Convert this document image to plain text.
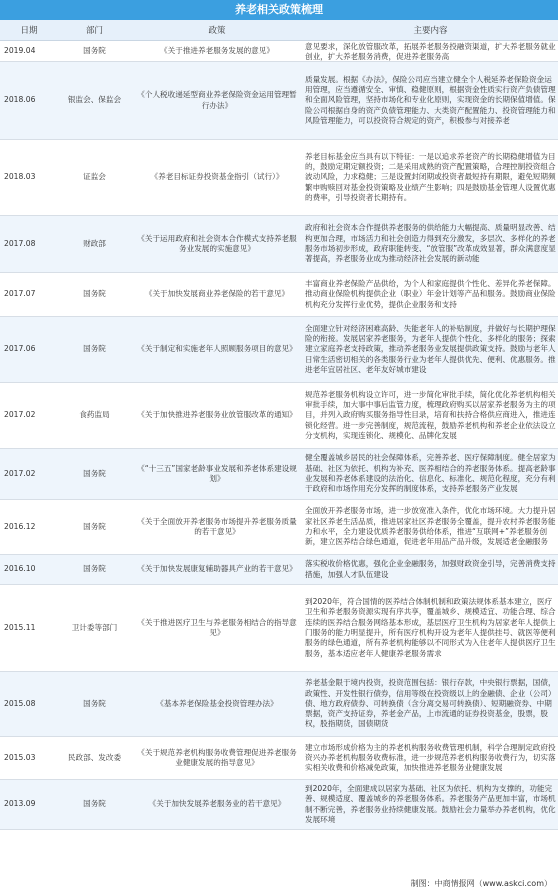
养老相关政策梳理
日期	部门	政策	主要内容

2019.04	国务院	《关于推进养老服务发展的意见》	意见要求，深化放管服改革，拓展养老服务投融资渠道，扩大养老服务就业创业，扩大养老服务消费，促进养老服务高

2018.06	银监会、保监会	《个人税收递延型商业养老保险资金运用管理暂行办法》	质量发展。根据《办法》，保险公司应当建立健全个人税延养老保险资金运用管理，应当遵循安全、审慎、稳健原则，根据资金性质实行资产负债管理和全面风险管理，坚持市场化和专业化原则，实现资金的长期保值增值。保险公司根据自身的资产负债管理能力、大类资产配置能力、投资管理能力和风险管理能力，可以投资符合规定的资产，积极参与对接养老

2018.03	证监会	《养老目标证券投资基金指引（试行）》	养老目标基金应当具有以下特征：一是以追求养老资产的长期稳健增值为目的，鼓励定期定额投资；二是采用成熟的资产配置策略，合理控制投资组合波动风险，力求稳健；三是设置封闭期或投资者最短持有期限，避免短期频繁申购赎回对基金投资策略及业绩产生影响；四是鼓励基金管理人设置优惠的费率，引导投资者长期持有。

2017.08	财政部	《关于运用政府和社会资本合作模式支持养老服务业发展的实施意见》	政府和社会资本合作提供养老服务的供给能力大幅提高、质量明显改善、结构更加合理，市场活力和社会创造力得到充分激发，多层次、多样化的养老服务市场初步形成，政府职能转变、“放管服”改革成效显著，群众满意度显著提高，养老服务业成为推动经济社会发展的新动能

2017.07	国务院	《关于加快发展商业养老保险的若干意见》	丰富商业养老保险产品供给，为个人和家庭提供个性化、差异化养老保障。推动商业保险机构提供企业（职业）年金计划等产品和服务。鼓励商业保险机构充分发挥行业优势，提供企业服务和支持

2017.06	国务院	《关于制定和实施老年人照顾服务项目的意见》	全面建立针对经济困难高龄、失能老年人的补贴制度，并做好与长期护理保险的衔接。发展居家养老服务，为老年人提供个性化、多样化的服务；探索建立家庭养老支持政策，推动养老服务业发展提供政策支持。鼓励与老年人日常生活密切相关的各类服务行业为老年人提供优先、便利、优惠服务。推进老年宜居社区、老年友好城市建设

2017.02	食药监局	《关于加快推进养老服务业放管服改革的通知》	规范养老服务机构设立许可，进一步简化审批手续，简化优化养老机构相关审批手续，加大事中事后监管力度，梳理政府购买以居家养老服务为主的项目，并列入政府购买服务指导性目录，培育和扶持合格供应商进入，推进连锁化经营。进一步完善制度，规范流程，鼓励养老机构和养老企业依法设立分支机构，实现连锁化、规模化、品牌化发展

2017.02	国务院	《“十三五”国家老龄事业发展和养老体系建设规划》	健全覆盖城乡居民的社会保障体系，完善养老、医疗保障制度。健全居家为基础、社区为依托、机构为补充、医养相结合的养老服务体系。提高老龄事业发展和养老体系建设的法治化、信息化、标准化、规范化程度，充分有利于政府和市场作用充分发挥的制度体系，支持养老服务产业发展

2016.12	国务院	《关于全面放开养老服务市场提升养老服务质量的若干意见》	全面放开养老服务市场，进一步放宽准入条件，优化市场环境。大力提升居家社区养老生活品质，推进居家社区养老服务全覆盖，提升农村养老服务能力和水平，全力建设优质养老服务供给体系，推进“互联网+”养老服务创新，建立医养结合绿色通道，促进老年用品产品升级，发展适老金融服务

2016.10	国务院	《关于加快发展康复辅助器具产业的若干意见》	落实税收价格优惠，强化企业金融服务，加强财政资金引导，完善消费支持措施，加强人才队伍建设

2015.11	卫计委等部门	《关于推进医疗卫生与养老服务相结合的指导意见》	到2020年，符合国情的医养结合体制机制和政策法规体系基本建立，医疗卫生和养老服务资源实现有序共享，覆盖城乡、规模适宜、功能合理、综合连续的医养结合服务网络基本形成，基层医疗卫生机构为居家老年人提供上门服务的能力明显提升，所有医疗机构开设为老年人提供挂号、就医等便利服务的绿色通道，所有养老机构能够以不同形式为入住老年人提供医疗卫生服务，基本适应老年人健康养老服务需求

2015.08	国务院	《基本养老保险基金投资管理办法》	养老基金限于境内投资，投资范围包括：银行存款，中央银行票据，国债，政策性、开发性银行债券，信用等级在投资级以上的金融债、企业（公司）债、地方政府债券、可转换债（含分离交易可转换债）、短期融资券、中期票据，资产支持证券，养老金产品，上市流通的证券投资基金，股票，股权，股指期货，国债期货

2015.03	民政部、发改委	《关于规范养老机构服务收费管理促进养老服务业健康发展的指导意见》	建立市场形成价格为主的养老机构服务收费管理机制，科学合理制定政府投资兴办养老机构服务收费标准，进一步规范养老机构服务收费行为，切实落实相关收费和价格减免政策，加快推进养老服务业健康发展

2013.09	国务院	《关于加快发展养老服务业的若干意见》	到2020年，全面建成以居家为基础、社区为依托、机构为支撑的，功能完善、规模适度、覆盖城乡的养老服务体系。养老服务产品更加丰富，市场机制不断完善，养老服务业持续健康发展。鼓励社会力量举办养老机构，优化发展环境
制图：中商情报网（www.askci.com）
